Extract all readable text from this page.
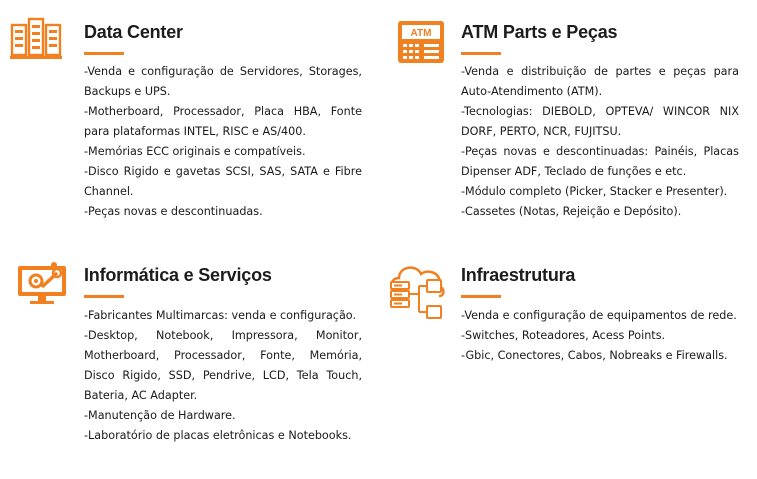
Data Center

-Venda e configuração de Servidores, Storages, Backups e UPS.

-Motherboard, Processador, Placa HBA, Fonte para plataformas INTEL, RISC e AS/400.

-Memórias ECC originais e compatíveis.

-Disco Rigido e gavetas SCSI, SAS, SATA e Fibre Channel.

-Peças novas e descontinuadas.

ATM ATM Parts e Peças

-Venda e distribuição de partes e peças para Auto-Atendimento (ATM).

-Tecnologias: DIEBOLD, OPTEVA/ WINCOR NIX DORF, PERTO, NCR, FUJITSU.

-Peças novas e descontinuadas: Painéis, Placas Dipenser ADF, Teclado de funções e etc.

-Módulo completo (Picker, Stacker e Presenter).

-Cassetes (Notas, Rejeição e Depósito).

Informática e Serviços

-Fabricantes Multimarcas: venda e configuração.

-Desktop, Notebook, Impressora, Monitor, Motherboard, Processador, Fonte, Memória, Disco Rigido, SSD, Pendrive, LCD, Tela Touch, Bateria, AC Adapter.

-Manutenção de Hardware.

-Laboratório de placas eletrônicas e Notebooks.

Infraestrutura

-Venda e configuração de equipamentos de rede.

-Switches, Roteadores, Acess Points.

-Gbic, Conectores, Cabos, Nobreaks e Firewalls.
